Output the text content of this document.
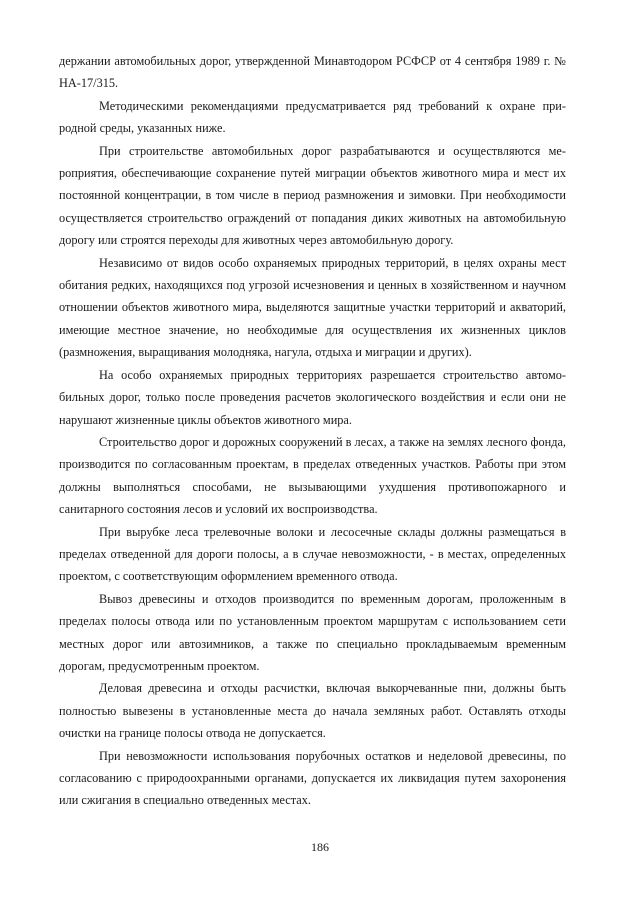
держании автомобильных дорог, утвержденной Минавтодором РСФСР от 4 сентября 1989 г. № НА-17/315.

Методическими рекомендациями предусматривается ряд требований к охране природной среды, указанных ниже.

При строительстве автомобильных дорог разрабатываются и осуществляются мероприятия, обеспечивающие сохранение путей миграции объектов животного мира и мест их постоянной концентрации, в том числе в период размножения и зимовки. При необходимости осуществляется строительство ограждений от попадания диких животных на автомобильную дорогу или строятся переходы для животных через автомобильную дорогу.

Независимо от видов особо охраняемых природных территорий, в целях охраны мест обитания редких, находящихся под угрозой исчезновения и ценных в хозяйственном и научном отношении объектов животного мира, выделяются защитные участки территорий и акваторий, имеющие местное значение, но необходимые для осуществления их жизненных циклов (размножения, выращивания молодняка, нагула, отдыха и миграции и других).

На особо охраняемых природных территориях разрешается строительство автомобильных дорог, только после проведения расчетов экологического воздействия и если они не нарушают жизненные циклы объектов животного мира.

Строительство дорог и дорожных сооружений в лесах, а также на землях лесного фонда, производится по согласованным проектам, в пределах отведенных участков. Работы при этом должны выполняться способами, не вызывающими ухудшения противопожарного и санитарного состояния лесов и условий их воспроизводства.

При вырубке леса трелевочные волоки и лесосечные склады должны размещаться в пределах отведенной для дороги полосы, а в случае невозможности, - в местах, определенных проектом, с соответствующим оформлением временного отвода.

Вывоз древесины и отходов производится по временным дорогам, проложенным в пределах полосы отвода или по установленным проектом маршрутам с использованием сети местных дорог или автозимников, а также по специально прокладываемым временным дорогам, предусмотренным проектом.

Деловая древесина и отходы расчистки, включая выкорчеванные пни, должны быть полностью вывезены в установленные места до начала земляных работ. Оставлять отходы очистки на границе полосы отвода не допускается.

При невозможности использования порубочных остатков и неделовой древесины, по согласованию с природоохранными органами, допускается их ликвидация путем захоронения или сжигания в специально отведенных местах.

186
